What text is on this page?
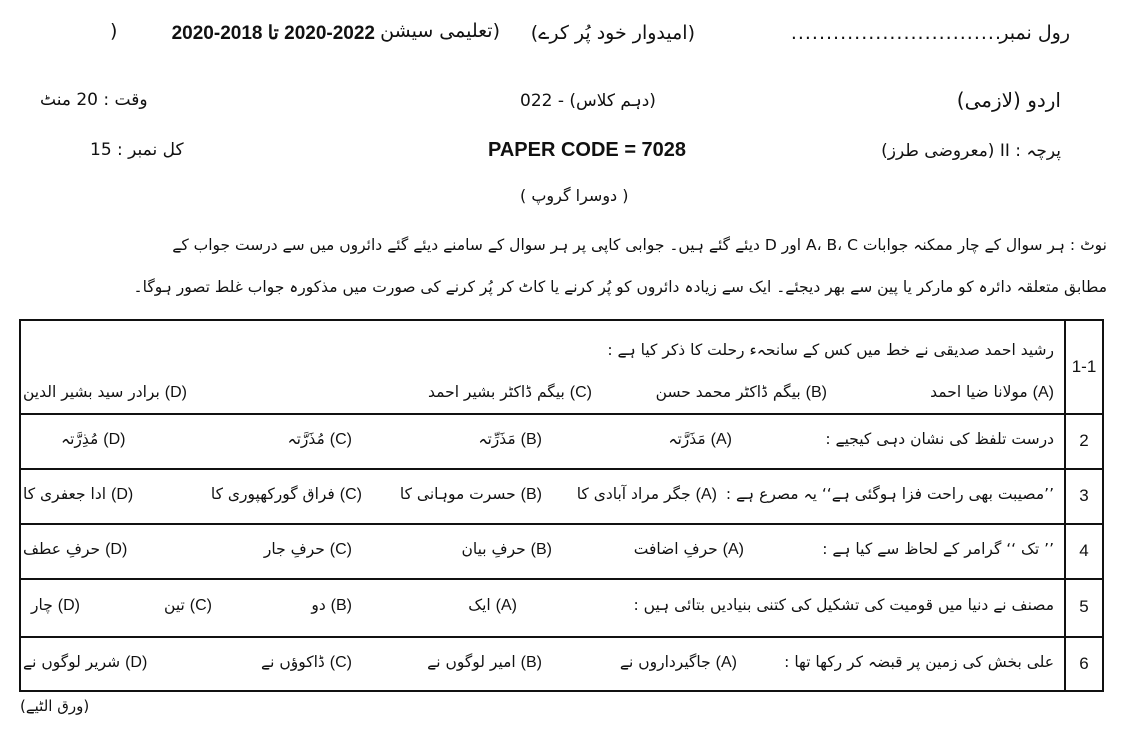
رول نمبر
..............................
(امیدوار خود پُر کرے)
(تعلیمی سیشن
2020-2022 تا 2018-2020
)
اردو (لازمی)
(دہم کلاس) - 022
وقت : 20 منٹ
پرچہ : II (معروضی طرز)
PAPER CODE = 7028
کل نمبر : 15
( دوسرا گروپ )
نوٹ : ہر سوال کے چار ممکنہ جوابات A، B، C اور D دیئے گئے ہیں۔ جوابی کاپی پر ہر سوال کے سامنے دیئے گئے دائروں میں سے درست جواب کے
مطابق متعلقہ دائرہ کو مارکر یا پین سے بھر دیجئے۔ ایک سے زیادہ دائروں کو پُر کرنے یا کاٹ کر پُر کرنے کی صورت میں مذکورہ جواب غلط تصور ہوگا۔
1-1
رشید احمد صدیقی نے خط میں کس کے سانحہء رحلت کا ذکر کیا ہے :
(A) مولانا ضیا احمد
(B) بیگم ڈاکٹر محمد حسن
(C) بیگم ڈاکٹر بشیر احمد
(D) برادر سید بشیر الدین
2
درست تلفظ کی نشان دہی کیجیے :
(A) مَذَرَّتہ
(B) مَذَرِّتہ
(C) مُذَرَّتہ
(D) مُذِرَّتہ
3
’’مصیبت بھی راحت فزا ہوگئی ہے‘‘ یہ مصرع ہے :
(A) جگر مراد آبادی کا
(B) حسرت موہانی کا
(C) فراق گورکھپوری کا
(D) ادا جعفری کا
4
’’ تک ‘‘ گرامر کے لحاظ سے کیا ہے :
(A) حرفِ اضافت
(B) حرفِ بیان
(C) حرفِ جار
(D) حرفِ عطف
5
مصنف نے دنیا میں قومیت کی تشکیل کی کتنی بنیادیں بتائی ہیں :
(A) ایک
(B) دو
(C) تین
(D) چار
6
علی بخش کی زمین پر قبضہ کر رکھا تھا :
(A) جاگیرداروں نے
(B) امیر لوگوں نے
(C) ڈاکوؤں نے
(D) شریر لوگوں نے
(ورق الٹیے)
